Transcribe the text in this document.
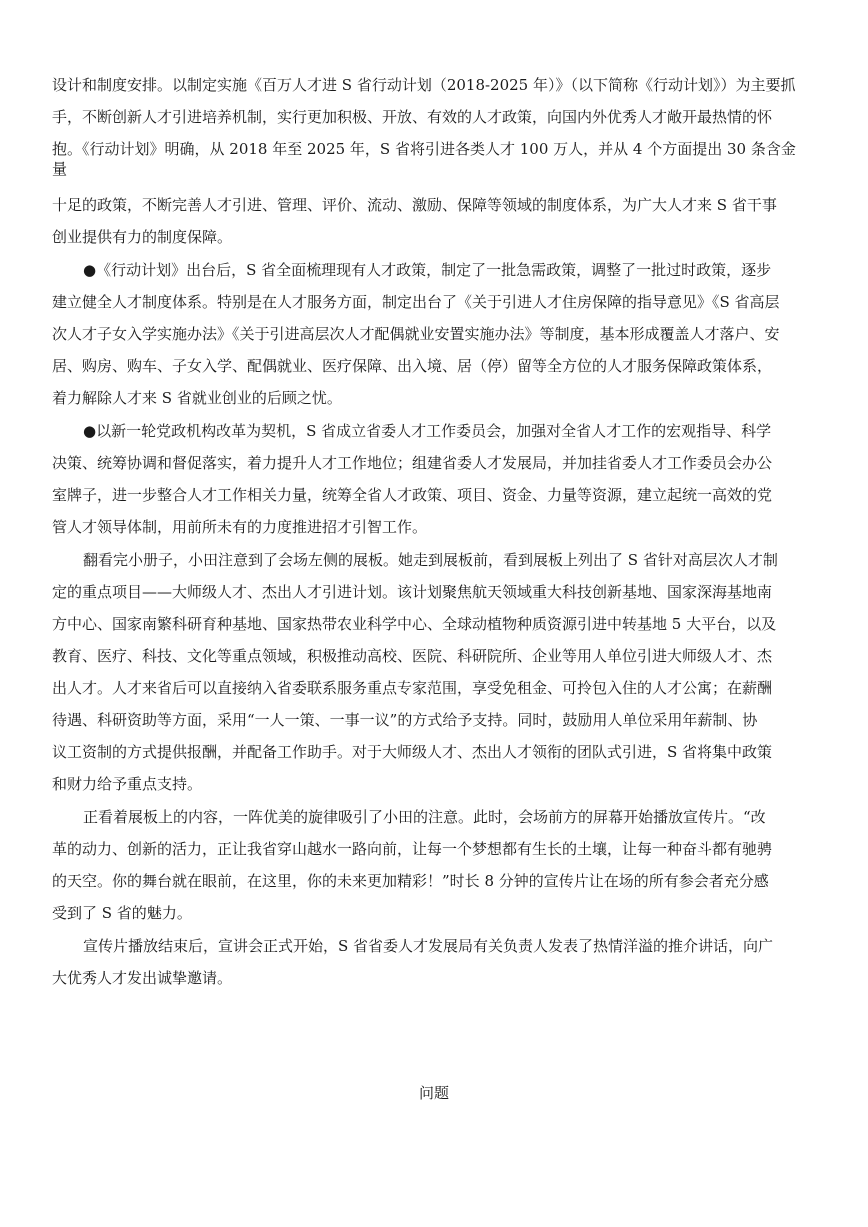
设计和制度安排。以制定实施《百万人才进 S 省行动计划（2018-2025 年）》（以下简称《行动计划》）为主要抓

手，不断创新人才引进培养机制，实行更加积极、开放、有效的人才政策，向国内外优秀人才敞开最热情的怀

抱。《行动计划》明确，从 2018 年至 2025 年，S 省将引进各类人才 100 万人，并从 4 个方面提出 30 条含金

量

十足的政策，不断完善人才引进、管理、评价、流动、激励、保障等领域的制度体系，为广大人才来 S 省干事

创业提供有力的制度保障。

●《行动计划》出台后，S 省全面梳理现有人才政策，制定了一批急需政策，调整了一批过时政策，逐步

建立健全人才制度体系。特别是在人才服务方面，制定出台了《关于引进人才住房保障的指导意见》《S 省高层

次人才子女入学实施办法》《关于引进高层次人才配偶就业安置实施办法》等制度，基本形成覆盖人才落户、安

居、购房、购车、子女入学、配偶就业、医疗保障、出入境、居（停）留等全方位的人才服务保障政策体系，

着力解除人才来 S 省就业创业的后顾之忧。

●以新一轮党政机构改革为契机，S 省成立省委人才工作委员会，加强对全省人才工作的宏观指导、科学

决策、统筹协调和督促落实，着力提升人才工作地位；组建省委人才发展局，并加挂省委人才工作委员会办公

室牌子，进一步整合人才工作相关力量，统筹全省人才政策、项目、资金、力量等资源，建立起统一高效的党

管人才领导体制，用前所未有的力度推进招才引智工作。

翻看完小册子，小田注意到了会场左侧的展板。她走到展板前，看到展板上列出了 S 省针对高层次人才制

定的重点项目——大师级人才、杰出人才引进计划。该计划聚焦航天领域重大科技创新基地、国家深海基地南

方中心、国家南繁科研育种基地、国家热带农业科学中心、全球动植物种质资源引进中转基地 5 大平台，以及

教育、医疗、科技、文化等重点领域，积极推动高校、医院、科研院所、企业等用人单位引进大师级人才、杰

出人才。人才来省后可以直接纳入省委联系服务重点专家范围，享受免租金、可拎包入住的人才公寓；在薪酬

待遇、科研资助等方面，采用“一人一策、一事一议”的方式给予支持。同时，鼓励用人单位采用年薪制、协

议工资制的方式提供报酬，并配备工作助手。对于大师级人才、杰出人才领衔的团队式引进，S 省将集中政策

和财力给予重点支持。

正看着展板上的内容，一阵优美的旋律吸引了小田的注意。此时，会场前方的屏幕开始播放宣传片。“改

革的动力、创新的活力，正让我省穿山越水一路向前，让每一个梦想都有生长的土壤，让每一种奋斗都有驰骋

的天空。你的舞台就在眼前，在这里，你的未来更加精彩！”时长 8 分钟的宣传片让在场的所有参会者充分感

受到了 S 省的魅力。

宣传片播放结束后，宣讲会正式开始，S 省省委人才发展局有关负责人发表了热情洋溢的推介讲话，向广

大优秀人才发出诚挚邀请。

问题
